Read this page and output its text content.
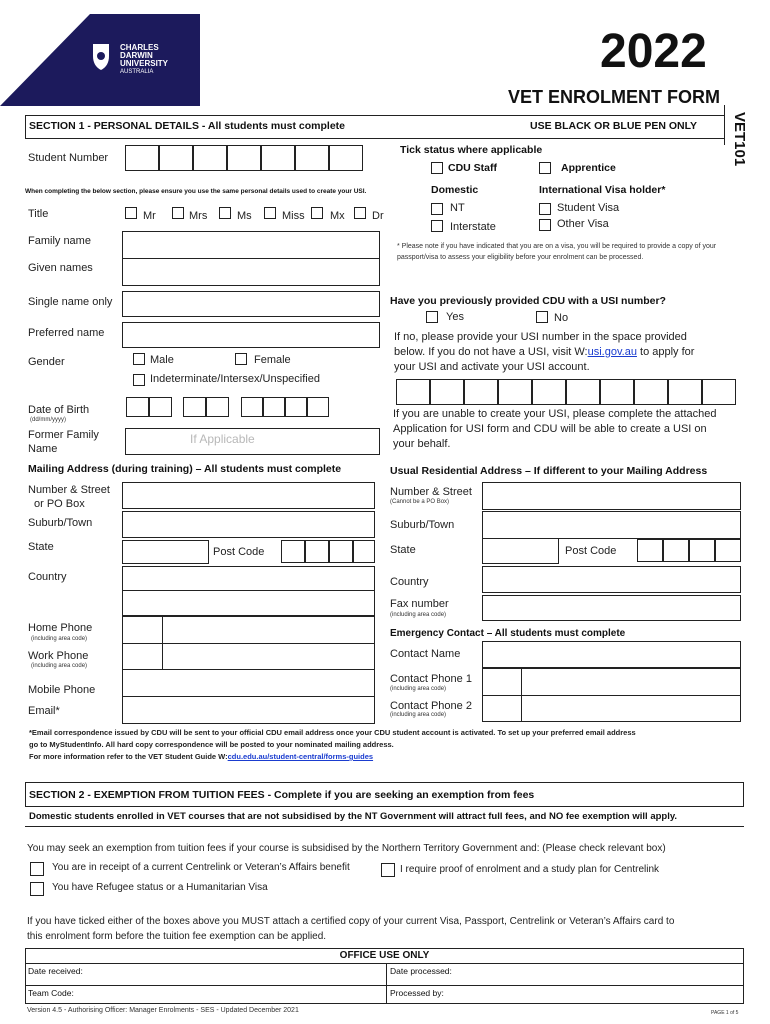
CHARLES
DARWIN
UNIVERSITY
AUSTRALIA	2022
VET ENROLMENT FORM
VET101
SECTION 1 - PERSONAL DETAILS - All students must complete	USE BLACK OR BLUE PEN ONLY
Student Number
When completing the below section, please ensure you use the same personal details used to create your USI.
Title	Mr	Mrs	Ms	Miss Mx Dr
Family name
Given names
Single name only
Preferred name
Gender	Male	Female
Indeterminate/Intersex/Unspecified
Date of Birth
(dd/mm/yyyy)
Former Family
Name
If Applicable
Mailing Address (during training) – All students must complete
Number & Street
or PO Box
Suburb/Town
State	Post Code
Country
Home Phone
(including area code)
Work Phone
(including area code)
Mobile Phone
Email*
Tick status where applicable
CDU Staff	Apprentice
Domestic	International Visa holder*
NT
Interstate
Student Visa
Other Visa
* Please note if you have indicated that you are on a visa, you will be required to provide a copy of your passport/visa to assess your eligibility before your enrolment can be processed.
Have you previously provided CDU with a USI number?
Yes	No
If no, please provide your USI number in the space provided
below. If you do not have a USI, visit W:usi.gov.au to apply for
your USI and activate your USI account.
If you are unable to create your USI, please complete the attached
Application for USI form and CDU will be able to create a USI on
your behalf.
Usual Residential Address – If different to your Mailing Address
Number & Street
(Cannot be a PO Box)
Suburb/Town
State	Post Code
Country
Fax number
(including area code)
Emergency Contact – All students must complete
Contact Name
Contact Phone 1
(including area code)
Contact Phone 2
(including area code)
*Email correspondence issued by CDU will be sent to your official CDU email address once your CDU student account is activated. To set up your preferred email address
go to MyStudentInfo. All hard copy correspondence will be posted to your nominated mailing address.
For more information refer to the VET Student Guide W:cdu.edu.au/student-central/forms-guides
SECTION 2 - EXEMPTION FROM TUITION FEES - Complete if you are seeking an exemption from fees
Domestic students enrolled in VET courses that are not subsidised by the NT Government will attract full fees, and NO fee exemption will apply.
You may seek an exemption from tuition fees if your course is subsidised by the Northern Territory Government and: (Please check relevant box)
You are in receipt of a current Centrelink or Veteran’s Affairs benefit	I require proof of enrolment and a study plan for Centrelink
You have Refugee status or a Humanitarian Visa
If you have ticked either of the boxes above you MUST attach a certified copy of your current Visa, Passport, Centrelink or Veteran’s Affairs card to
this enrolment form before the tuition fee exemption can be applied.
OFFICE USE ONLY
Date received:	Date processed:
Team Code:	Processed by:
Version 4.5 - Authorising Officer: Manager Enrolments - SES - Updated December 2021	PAGE 1 of 5
